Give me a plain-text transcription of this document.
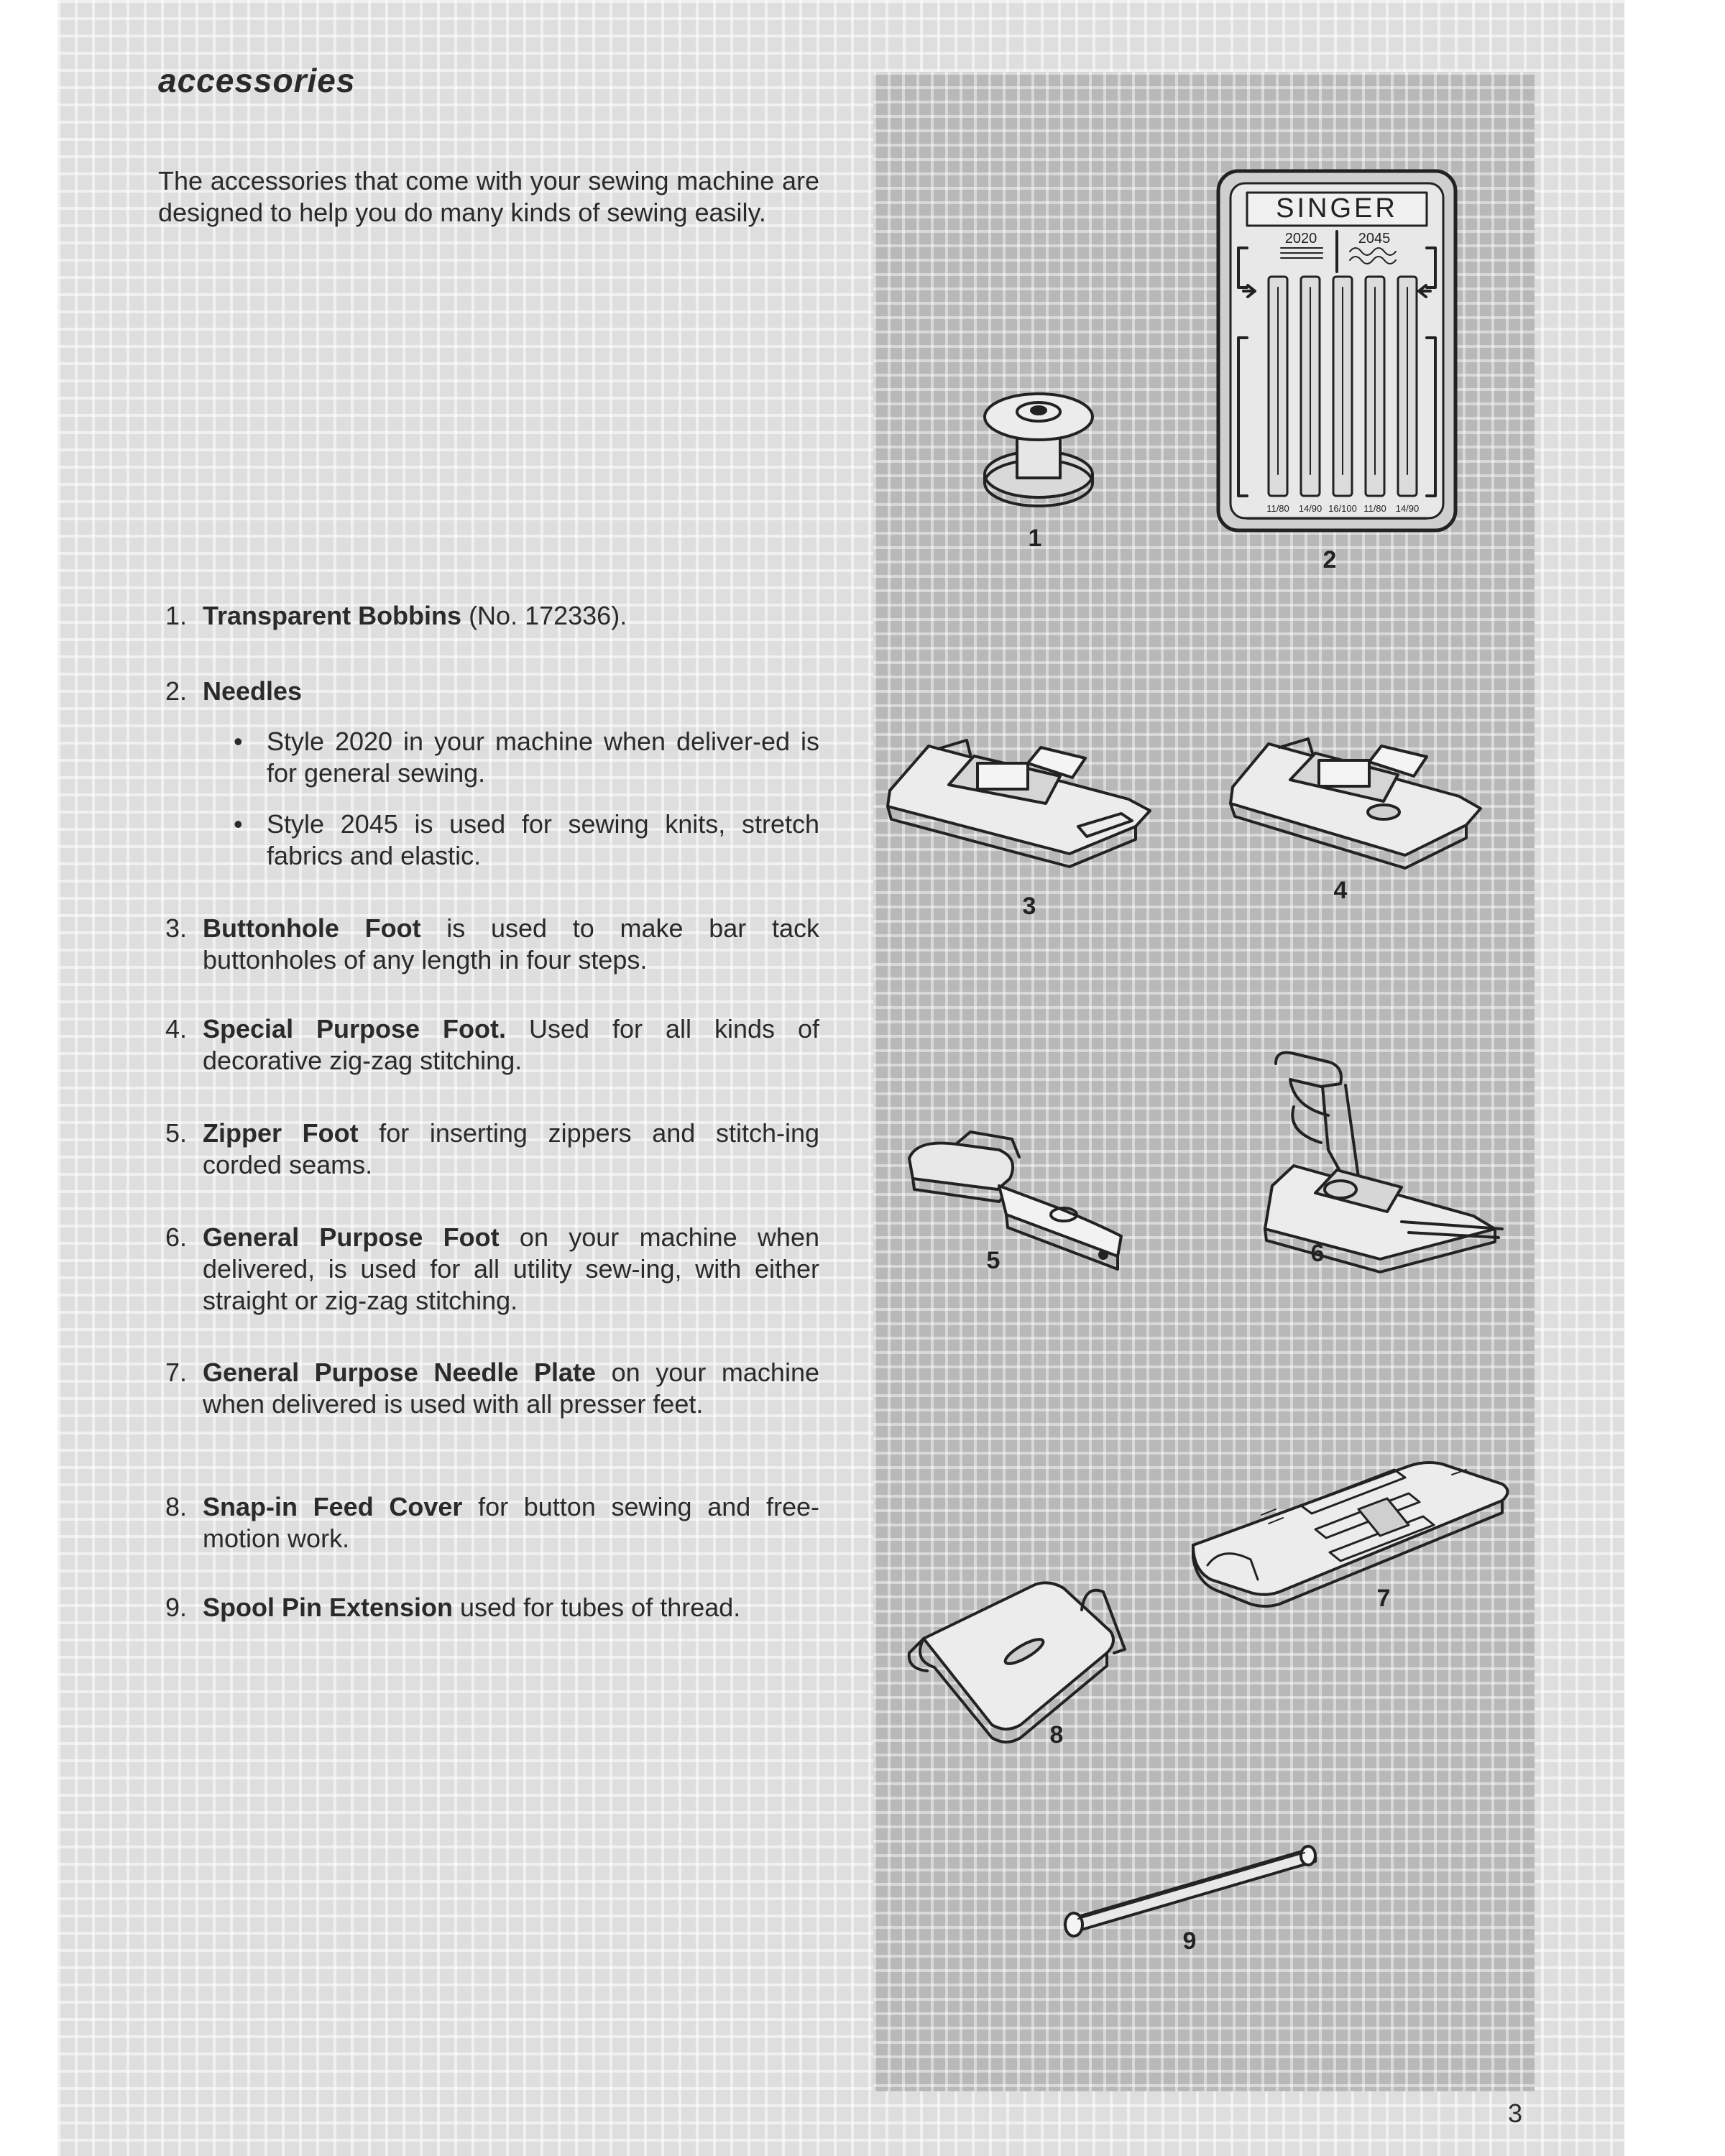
accessories

The accessories that come with your sewing machine are designed to help you do many kinds of sewing easily.

1. Transparent Bobbins (No. 172336).
2. Needles
• Style 2020 in your machine when deliver-ed is for general sewing.
• Style 2045 is used for sewing knits, stretch fabrics and elastic.
3. Buttonhole Foot is used to make bar tack buttonholes of any length in four steps.
4. Special Purpose Foot. Used for all kinds of decorative zig-zag stitching.
5. Zipper Foot for inserting zippers and stitch-ing corded seams.
6. General Purpose Foot on your machine when delivered, is used for all utility sew-ing, with either straight or zig-zag stitching.
7. General Purpose Needle Plate on your machine when delivered is used with all presser feet.
8. Snap-in Feed Cover for button sewing and free-motion work.
9. Spool Pin Extension used for tubes of thread.
SINGER
2020	2045
11/80 14/90 16/100 11/80 14/90
1
2
3
4
5	6
7
8
9
3
